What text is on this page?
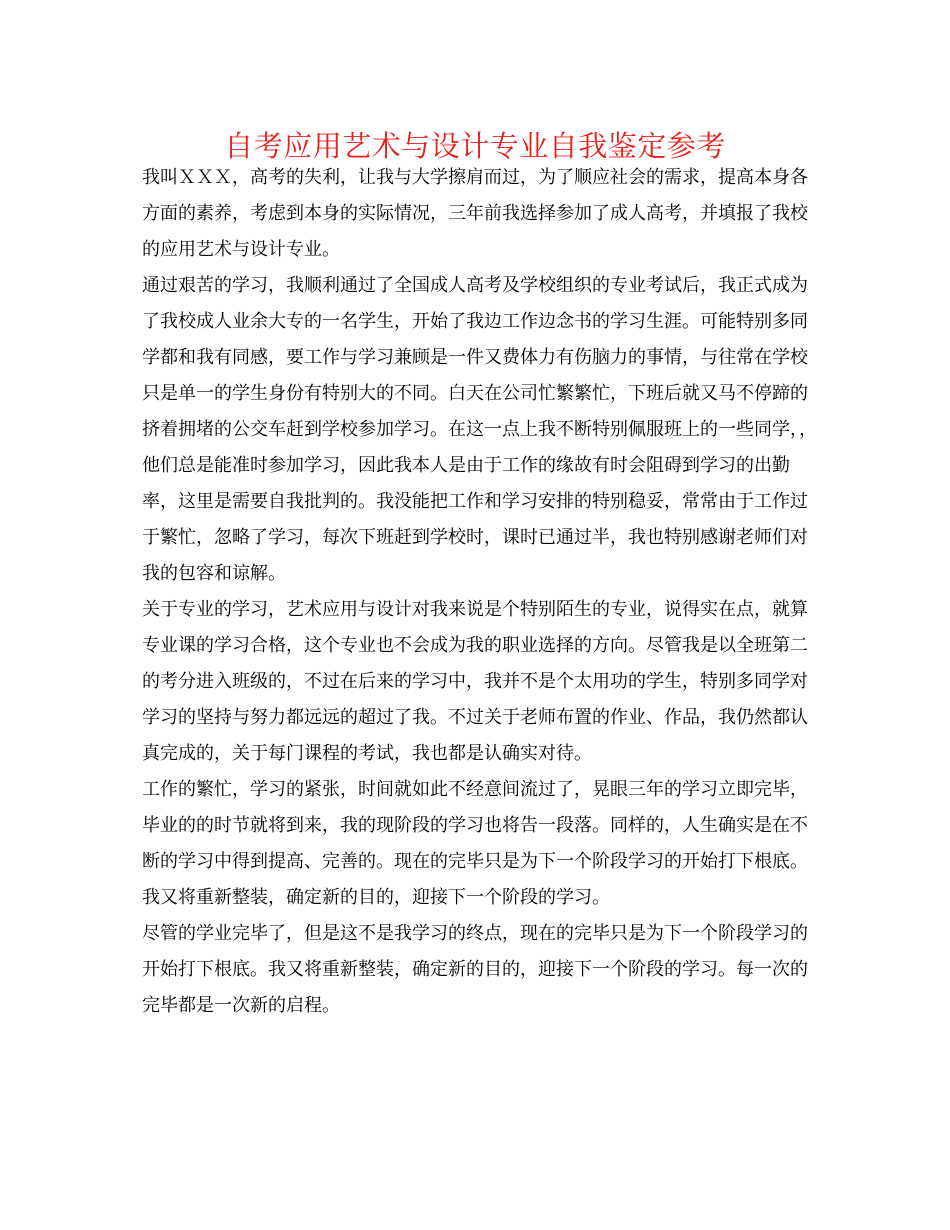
自考应用艺术与设计专业自我鉴定参考

我叫ＸＸＸ，高考的失利，让我与大学擦肩而过，为了顺应社会的需求，提高本身各方面的素养，考虑到本身的实际情况，三年前我选择参加了成人高考，并填报了我校的应用艺术与设计专业。

通过艰苦的学习，我顺利通过了全国成人高考及学校组织的专业考试后，我正式成为了我校成人业余大专的一名学生，开始了我边工作边念书的学习生涯。可能特别多同学都和我有同感，要工作与学习兼顾是一件又费体力有伤脑力的事情，与往常在学校只是单一的学生身份有特别大的不同。白天在公司忙繁繁忙，下班后就又马不停蹄的挤着拥堵的公交车赶到学校参加学习。在这一点上我不断特别佩服班上的一些同学，，他们总是能准时参加学习，因此我本人是由于工作的缘故有时会阻碍到学习的出勤率，这里是需要自我批判的。我没能把工作和学习安排的特别稳妥，常常由于工作过于繁忙，忽略了学习，每次下班赶到学校时，课时已通过半，我也特别感谢老师们对我的包容和谅解。

关于专业的学习，艺术应用与设计对我来说是个特别陌生的专业，说得实在点，就算专业课的学习合格，这个专业也不会成为我的职业选择的方向。尽管我是以全班第二的考分进入班级的，不过在后来的学习中，我并不是个太用功的学生，特别多同学对学习的坚持与努力都远远的超过了我。不过关于老师布置的作业、作品，我仍然都认真完成的，关于每门课程的考试，我也都是认确实对待。

工作的繁忙，学习的紧张，时间就如此不经意间流过了，晃眼三年的学习立即完毕，毕业的的时节就将到来，我的现阶段的学习也将告一段落。同样的，人生确实是在不断的学习中得到提高、完善的。现在的完毕只是为下一个阶段学习的开始打下根底。我又将重新整装，确定新的目的，迎接下一个阶段的学习。

尽管的学业完毕了，但是这不是我学习的终点，现在的完毕只是为下一个阶段学习的开始打下根底。我又将重新整装，确定新的目的，迎接下一个阶段的学习。每一次的完毕都是一次新的启程。
